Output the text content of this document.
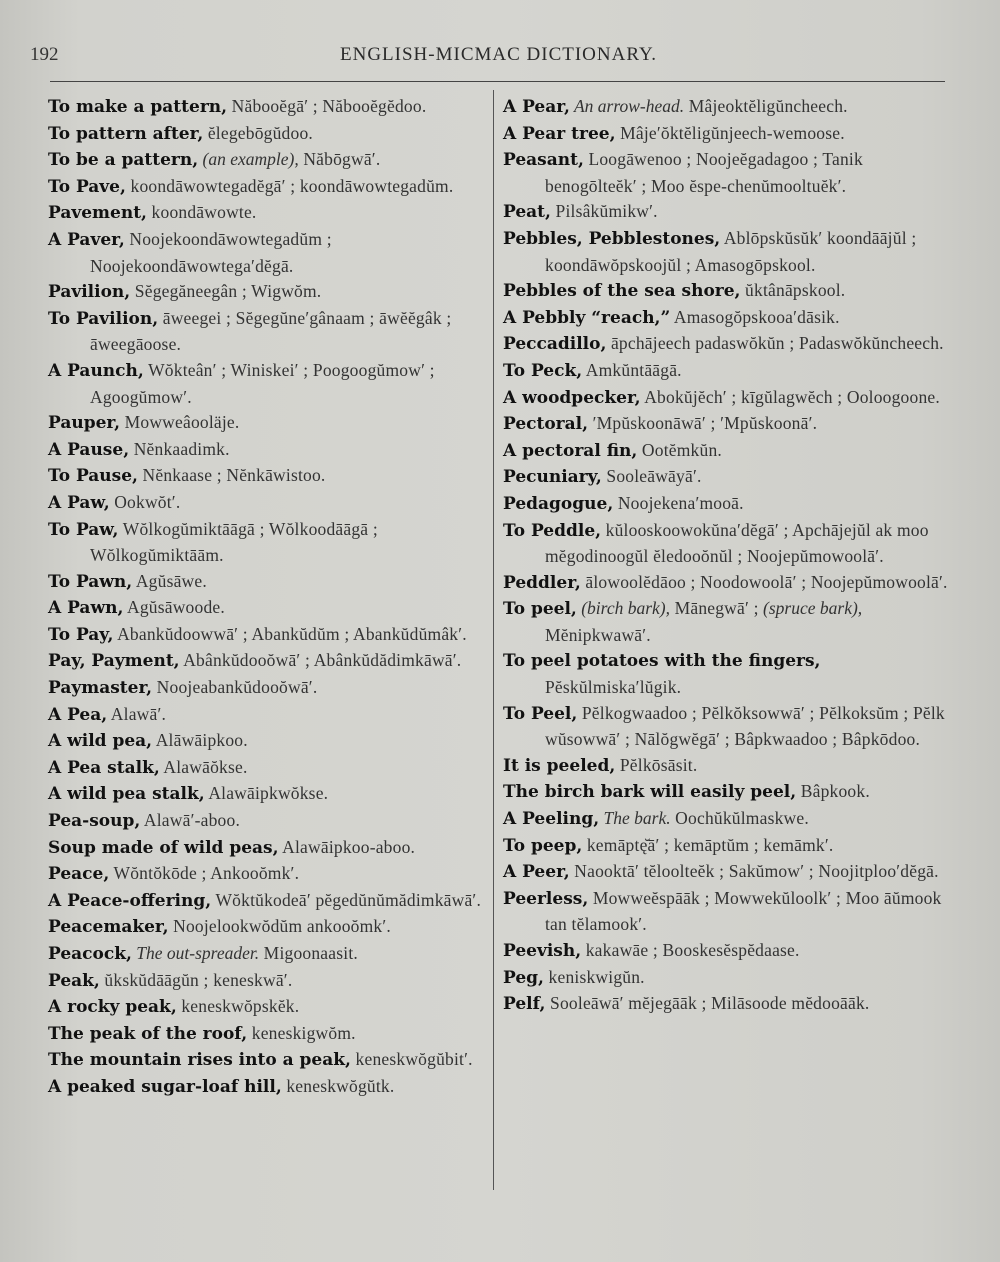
192	ENGLISH-MICMAC DICTIONARY.
To make a pattern, Năbooĕgā′ ; Năbooĕgĕdoo.
To pattern after, ĕlegebōgŭdoo.
To be a pattern, (an example), Năbōgwā′.
To Pave, koondāwowtegadĕgā′ ; koondāwowtegadŭm.
Pavement, koondāwowte.
A Paver, Noojekoondāwowtegadŭm ; Noojekoondāwowtega′dĕgā.
Pavilion, Sĕgegăneegân ; Wigwŏm.
To Pavilion, āweegei ; Sĕgegŭne′gânaam ; āwĕĕgâk ; āweegāoose.
A Paunch, Wŏkteân′ ; Winiskei′ ; Poogoogŭmow′ ; Agoogŭmow′.
Pauper, Mowweâooläje.
A Pause, Nĕnkaadimk.
To Pause, Nĕnkaase ; Nĕnkāwistoo.
A Paw, Ookwŏt′.
To Paw, Wŏlkogŭmiktāāgā ; Wŏlkoodāāgā ; Wŏlkogŭmiktāām.
To Pawn, Agŭsāwe.
A Pawn, Agŭsāwoode.
To Pay, Abankŭdoowwā′ ; Abankŭdŭm ; Abankŭdŭmâk′.
Pay, Payment, Abânkŭdooŏwā′ ; Abânkŭdădimkāwā′.
Paymaster, Noojeabankŭdooŏwā′.
A Pea, Alawā′.
A wild pea, Alāwāipkoo.
A Pea stalk, Alawāŏkse.
A wild pea stalk, Alawāipkwŏkse.
Pea-soup, Alawā′-aboo.
Soup made of wild peas, Alawāipkoo-aboo.
Peace, Wŏntŏkōde ; Ankooŏmk′.
A Peace-offering, Wŏktŭkodeā′ pĕgedŭnŭmădimkāwā′.
Peacemaker, Noojelookwŏdŭm ankooŏmk′.
Peacock, The out-spreader. Migoonaasit.
Peak, ŭkskŭdāāgŭn ; keneskwā′.
A rocky peak, keneskwŏpskĕk.
The peak of the roof, keneskigwŏm.
The mountain rises into a peak, keneskwŏgŭbit′.
A peaked sugar-loaf hill, keneskwŏgŭtk.
A Pear, An arrow-head. Mâjeoktĕligŭncheech.
A Pear tree, Mâje′ŏktĕligŭnjeech-wemoose.
Peasant, Loogāwenoo ; Noojeĕgadagoo ; Tanik benogōlteĕk′ ; Moo ĕspe-chenŭmooltuĕk′.
Peat, Pilsâkŭmikw′.
Pebbles, Pebblestones, Ablōpskŭsŭk′ koondāājŭl ; koondāwŏpskoojŭl ; Amasogōpskool.
Pebbles of the sea shore, ŭktânāpskool.
A Pebbly “reach,” Amasogŏpskooa′dāsik.
Peccadillo, āpchājeech padaswŏkŭn ; Padaswŏkŭncheech.
To Peck, Amkŭntāāgā.
A woodpecker, Abokŭjĕch′ ; kīgŭlagwĕch ; Ooloogoone.
Pectoral, ′Mpŭskoonāwā′ ; ′Mpŭskoonā′.
A pectoral fin, Ootĕmkŭn.
Pecuniary, Sooleāwāyā′.
Pedagogue, Noojekena′mooā.
To Peddle, kŭlooskoowokŭna′dĕgā′ ; Apchājejŭl ak moo mĕgodinoogŭl ĕledooŏnŭl ; Noojepŭmowoolā′.
Peddler, ālowoolĕdāoo ; Noodowoolā′ ; Noojepŭmowoolā′.
To peel, (birch bark), Mānegwā′ ; (spruce bark), Mĕnipkwawā′.
To peel potatoes with the fingers, Pĕskŭlmiska′lŭgik.
To Peel, Pĕlkogwaadoo ; Pĕlkŏksowwā′ ; Pĕlkoksŭm ; Pĕlk wŭsowwā′ ; Nālŏgwĕgā′ ; Bâpkwaadoo ; Bâpkōdoo.
It is peeled, Pĕlkōsāsit.
The birch bark will easily peel, Bâpkook.
A Peeling, The bark. Oochŭkŭlmaskwe.
To peep, kemāptę̆ā′ ; kemāptŭm ; kemāmk′.
A Peer, Naooktā′ tĕloolteĕk ; Sakŭmow′ ; Noojitploo′dĕgā.
Peerless, Mowweĕspāāk ; Mowwekŭloolk′ ; Moo āŭmook tan tĕlamook′.
Peevish, kakawāe ; Booskesĕspĕdaase.
Peg, keniskwigŭn.
Pelf, Sooleāwā′ mĕjegāāk ; Milāsoode mĕdooāāk.
